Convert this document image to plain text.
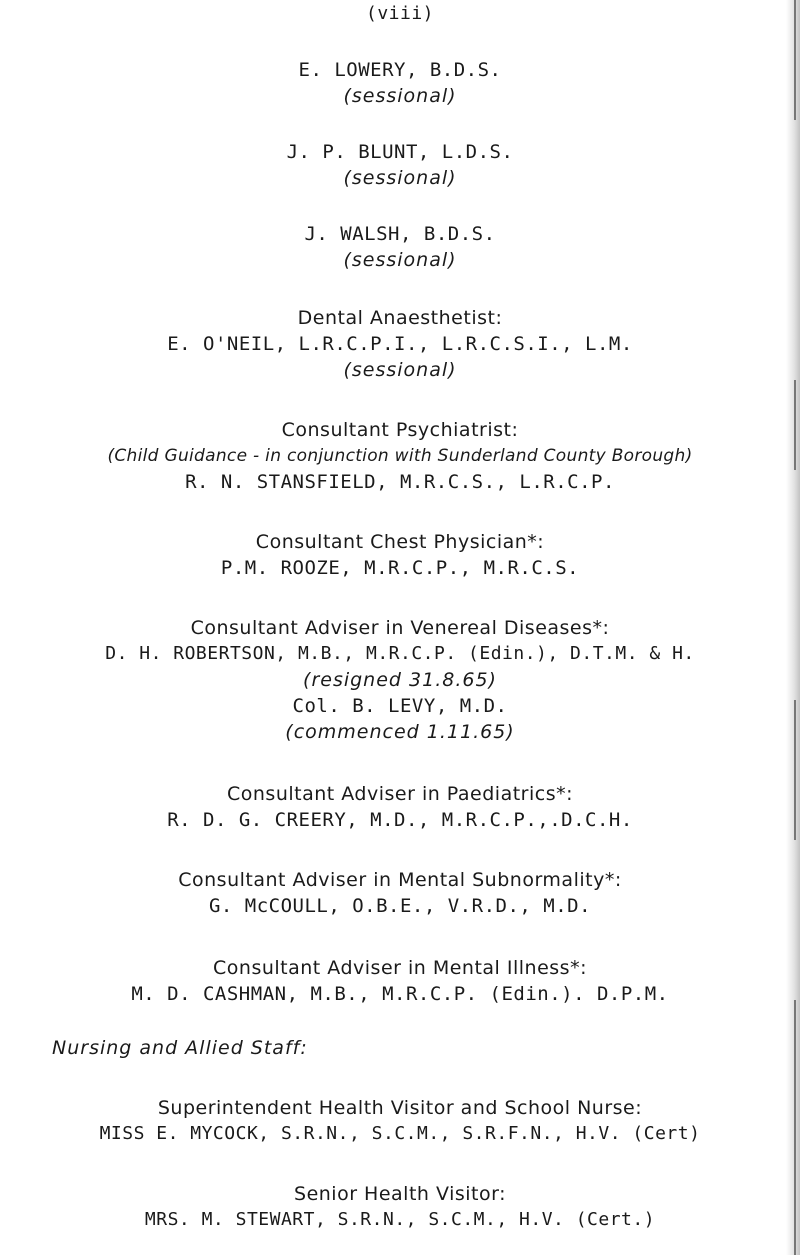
(viii)
E. LOWERY, B.D.S.
(sessional)
J. P. BLUNT, L.D.S.
(sessional)
J. WALSH, B.D.S.
(sessional)
Dental Anaesthetist:
E. O'NEIL, L.R.C.P.I., L.R.C.S.I., L.M.
(sessional)
Consultant Psychiatrist:
(Child Guidance - in conjunction with Sunderland County Borough)
R. N. STANSFIELD, M.R.C.S., L.R.C.P.
Consultant Chest Physician*:
P.M. ROOZE, M.R.C.P., M.R.C.S.
Consultant Adviser in Venereal Diseases*:
D. H. ROBERTSON, M.B., M.R.C.P. (Edin.), D.T.M. & H.
(resigned 31.8.65)
Col. B. LEVY, M.D.
(commenced 1.11.65)
Consultant Adviser in Paediatrics*:
R. D. G. CREERY, M.D., M.R.C.P.,.D.C.H.
Consultant Adviser in Mental Subnormality*:
G. McCOULL, O.B.E., V.R.D., M.D.
Consultant Adviser in Mental Illness*:
M. D. CASHMAN, M.B., M.R.C.P. (Edin.). D.P.M.
Nursing and Allied Staff:
Superintendent Health Visitor and School Nurse:
MISS E. MYCOCK, S.R.N., S.C.M., S.R.F.N., H.V. (Cert)
Senior Health Visitor:
MRS. M. STEWART, S.R.N., S.C.M., H.V. (Cert.)
